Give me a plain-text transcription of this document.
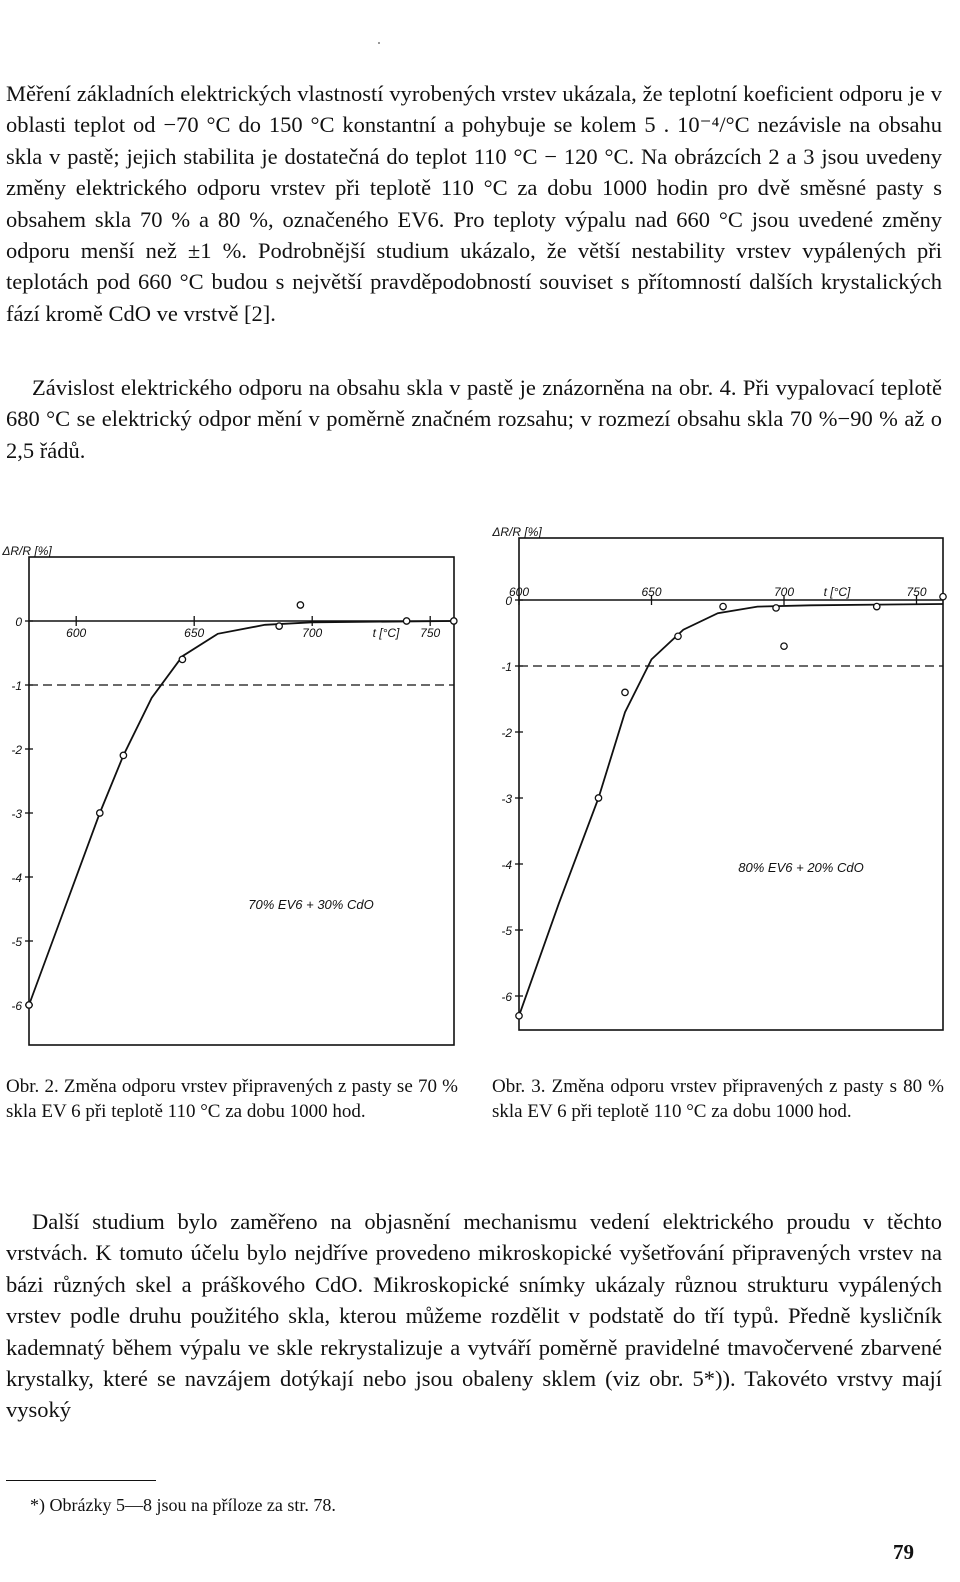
Měření základních elektrických vlastností vyrobených vrstev ukázala, že teplotní koeficient odporu je v oblasti teplot od −70 °C do 150 °C konstantní a pohybuje se kolem 5 . 10⁻⁴/°C nezávisle na obsahu skla v pastě; jejich stabilita je dostatečná do teplot 110 °C − 120 °C. Na obrázcích 2 a 3 jsou uvedeny změny elektrického odporu vrstev při teplotě 110 °C za dobu 1000 hodin pro dvě směsné pasty s obsahem skla 70 % a 80 %, označeného EV6. Pro teploty výpalu nad 660 °C jsou uvedené změny odporu menší než ±1 %. Podrobnější studium ukázalo, že větší nestability vrstev vypálených při teplotách pod 660 °C budou s největší pravděpodobností souviset s přítomností dalších krystalických fází kromě CdO ve vrstvě [2].

Závislost elektrického odporu na obsahu skla v pastě je znázorněna na obr. 4. Při vypalovací teplotě 680 °C se elektrický odpor mění v poměrně značném rozsahu; v rozmezí obsahu skla 70 %−90 % až o 2,5 řádů.

0
-1
-2
-3
-4
-5
-6
600	650	700	750
t [°C]
ΔR/R [%]
70% EV6 + 30% CdO
0
-1
-2
-3
-4
-5
-6
600	650	700	750
t [°C]
ΔR/R [%]
80% EV6 + 20% CdO
Obr. 2. Změna odporu vrstev připravených z pasty se 70 % skla EV 6 při teplotě 110 °C za dobu 1000 hod.
Obr. 3. Změna odporu vrstev připravených z pasty s 80 % skla EV 6 při teplotě 110 °C za dobu 1000 hod.

Další studium bylo zaměřeno na objasnění mechanismu vedení elektrického proudu v těchto vrstvách. K tomuto účelu bylo nejdříve provedeno mikroskopické vyšetřování připravených vrstev na bázi různých skel a práškového CdO. Mikroskopické snímky ukázaly různou strukturu vypálených vrstev podle druhu použitého skla, kterou můžeme rozdělit v podstatě do tří typů. Předně kysličník kademnatý během výpalu ve skle rekrystalizuje a vytváří poměrně pravidelné tmavočervené zbarvené krystalky, které se navzájem dotýkají nebo jsou obaleny sklem (viz obr. 5*)). Takovéto vrstvy mají vysoký

*) Obrázky 5—8 jsou na příloze za str. 78.
79
